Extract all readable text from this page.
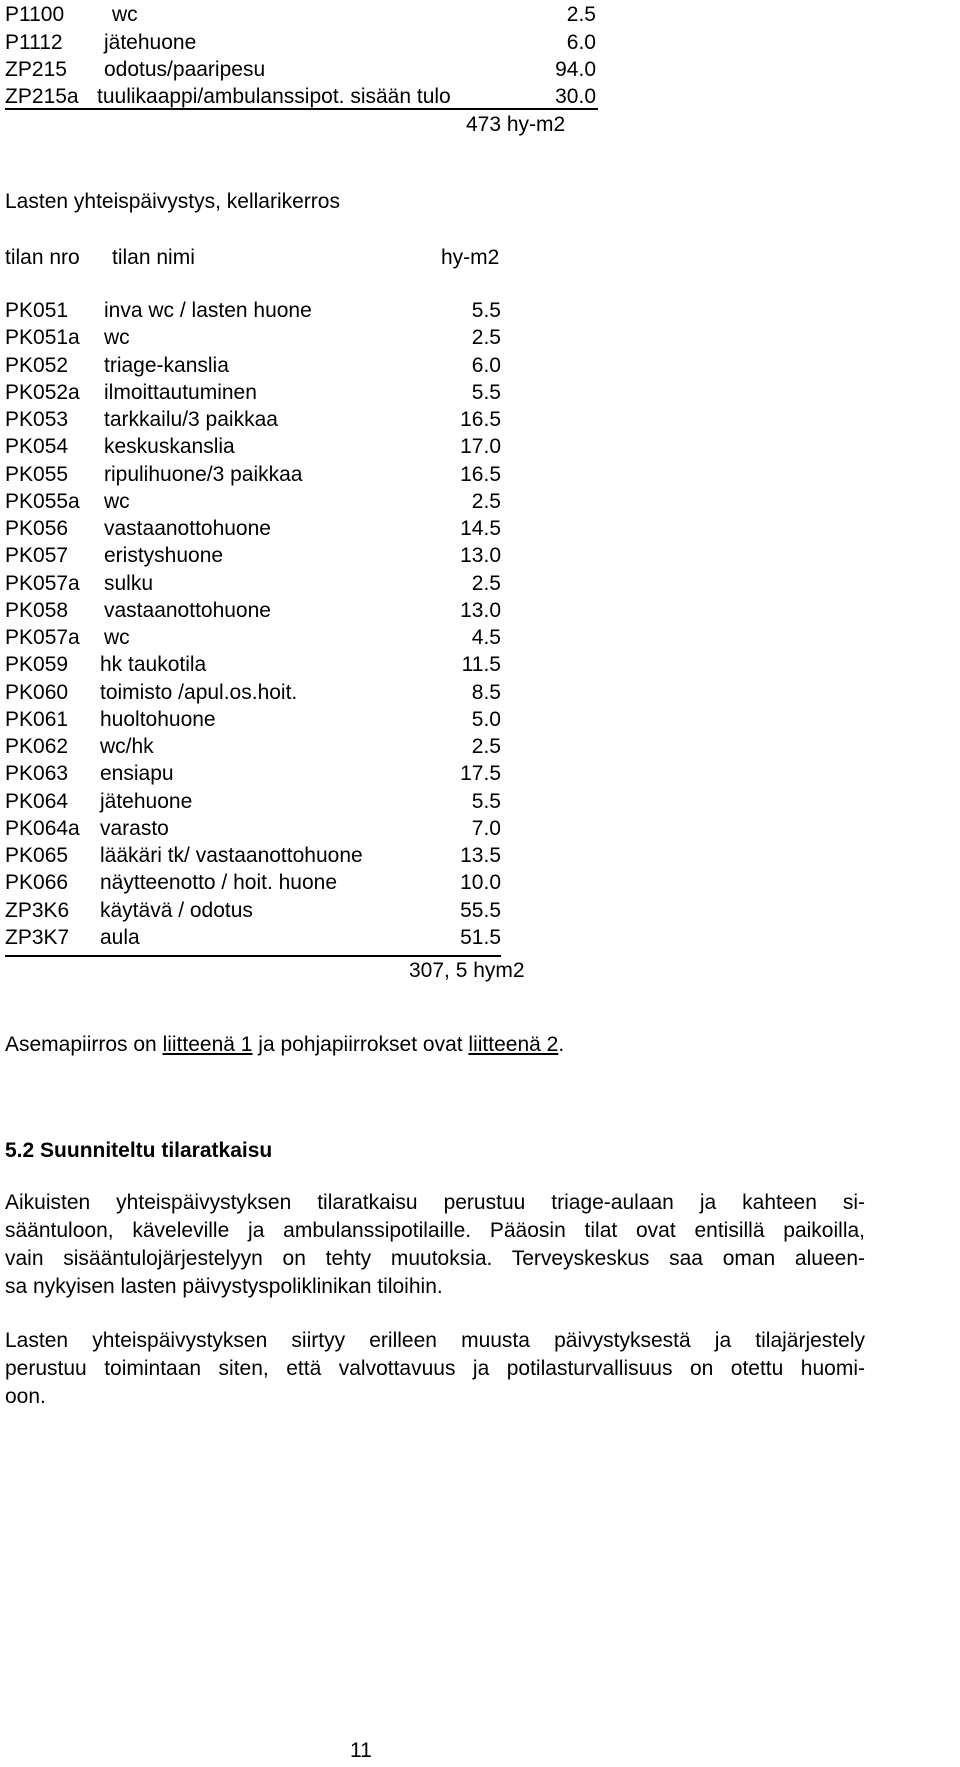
P1100 wc	2.5
P1112 jätehuone	6.0
ZP215 odotus/paaripesu	94.0
ZP215a tuulikaappi/ambulanssipot. sisään tulo	30.0
473 hy-m2
Lasten yhteispäivystys, kellarikerros
tilan nro tilan nimi	hy-m2
PK051 inva wc / lasten huone	5.5
PK051a wc	2.5
PK052 triage-kanslia	6.0
PK052a ilmoittautuminen	5.5
PK053 tarkkailu/3 paikkaa	16.5
PK054 keskuskanslia	17.0
PK055 ripulihuone/3 paikkaa	16.5
PK055a wc	2.5
PK056 vastaanottohuone	14.5
PK057 eristyshuone	13.0
PK057a sulku	2.5
PK058 vastaanottohuone	13.0
PK057a wc	4.5
PK059 hk taukotila	11.5
PK060 toimisto /apul.os.hoit.	8.5
PK061 huoltohuone	5.0
PK062 wc/hk	2.5
PK063 ensiapu	17.5
PK064 jätehuone	5.5
PK064a varasto	7.0
PK065 lääkäri tk/ vastaanottohuone	13.5
PK066 näytteenotto / hoit. huone	10.0
ZP3K6 käytävä / odotus	55.5
ZP3K7 aula	51.5
307, 5 hym2
Asemapiirros on liitteenä 1 ja pohjapiirrokset ovat liitteenä 2.
5.2 Suunniteltu tilaratkaisu
Aikuisten yhteispäivystyksen tilaratkaisu perustuu triage-aulaan ja kahteen si-
sääntuloon, käveleville ja ambulanssipotilaille. Pääosin tilat ovat entisillä paikoilla,
vain sisääntulojärjestelyyn on tehty muutoksia. Terveyskeskus saa oman alueen-
sa nykyisen lasten päivystyspoliklinikan tiloihin.
Lasten yhteispäivystyksen siirtyy erilleen muusta päivystyksestä ja tilajärjestely
perustuu toimintaan siten, että valvottavuus ja potilasturvallisuus on otettu huomi-
oon.
11
